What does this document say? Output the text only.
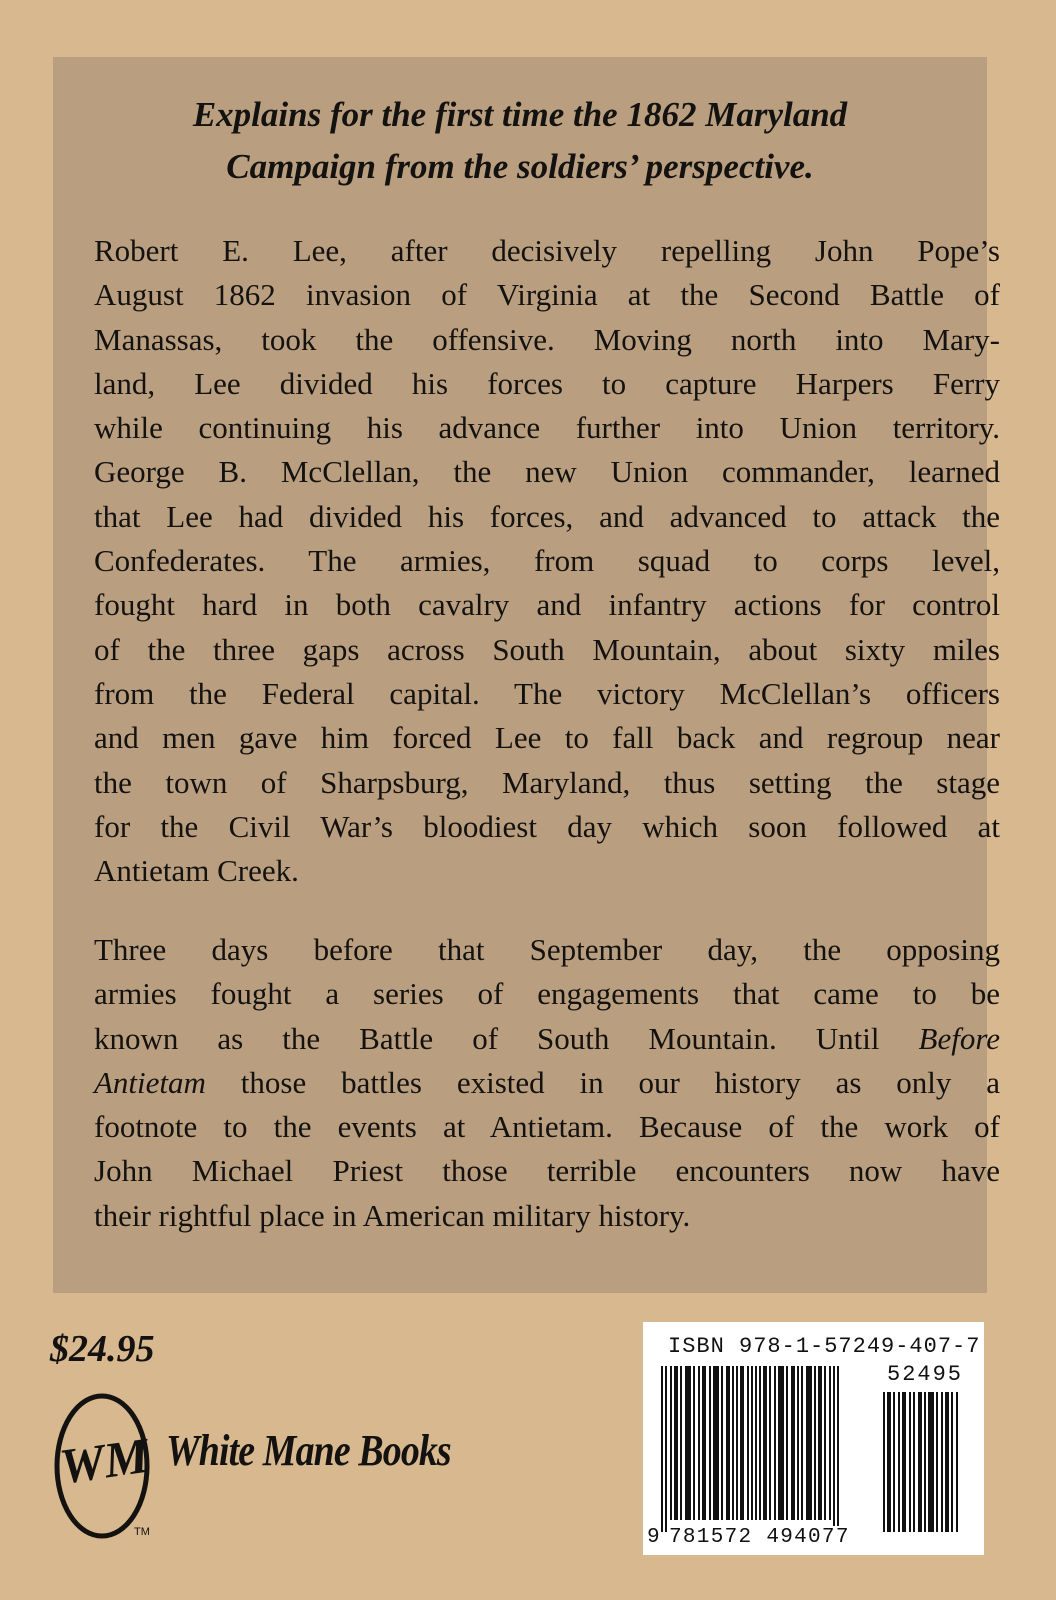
Explains for the first time the 1862 Maryland
Campaign from the soldiers’ perspective.

Robert E. Lee, after decisively repelling John Pope’s
August 1862 invasion of Virginia at the Second Battle of
Manassas, took the offensive. Moving north into Mary-
land, Lee divided his forces to capture Harpers Ferry
while continuing his advance further into Union territory.
George B. McClellan, the new Union commander, learned
that Lee had divided his forces, and advanced to attack the
Confederates. The armies, from squad to corps level,
fought hard in both cavalry and infantry actions for control
of the three gaps across South Mountain, about sixty miles
from the Federal capital. The victory McClellan’s officers
and men gave him forced Lee to fall back and regroup near
the town of Sharpsburg, Maryland, thus setting the stage
for the Civil War’s bloodiest day which soon followed at
Antietam Creek.

Three days before that September day, the opposing
armies fought a series of engagements that came to be
known as the Battle of South Mountain. Until Before
Antietam those battles existed in our history as only a
footnote to the events at Antietam. Because of the work of
John Michael Priest those terrible encounters now have
their rightful place in American military history.

$24.95
WM
TM
White Mane Books
ISBN 978-1-57249-407-7
52495
9 781572 494077
